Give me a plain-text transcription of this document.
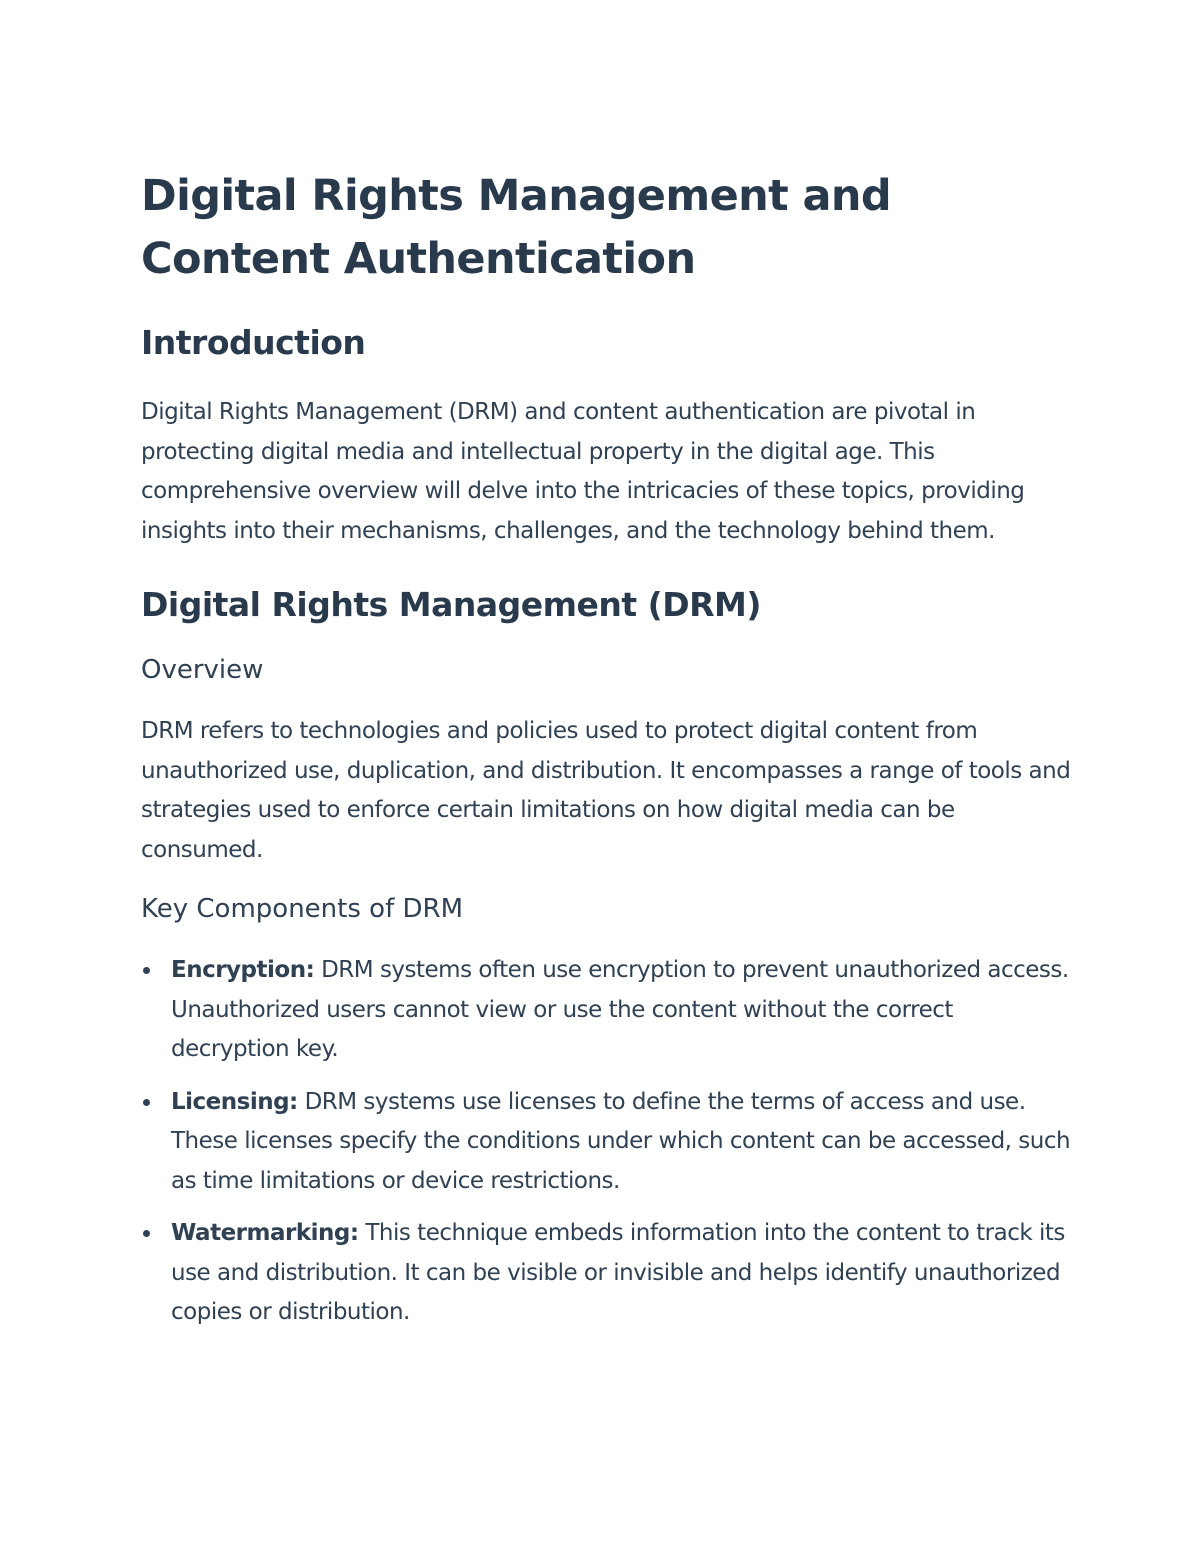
Digital Rights Management and Content Authentication
Introduction

Digital Rights Management (DRM) and content authentication are pivotal in protecting digital media and intellectual property in the digital age. This comprehensive overview will delve into the intricacies of these topics, providing insights into their mechanisms, challenges, and the technology behind them.

Digital Rights Management (DRM)
Overview

DRM refers to technologies and policies used to protect digital content from unauthorized use, duplication, and distribution. It encompasses a range of tools and strategies used to enforce certain limitations on how digital media can be consumed.

Key Components of DRM
Encryption: DRM systems often use encryption to prevent unauthorized access. Unauthorized users cannot view or use the content without the correct decryption key.
Licensing: DRM systems use licenses to define the terms of access and use. These licenses specify the conditions under which content can be accessed, such as time limitations or device restrictions.
Watermarking: This technique embeds information into the content to track its use and distribution. It can be visible or invisible and helps identify unauthorized copies or distribution.
